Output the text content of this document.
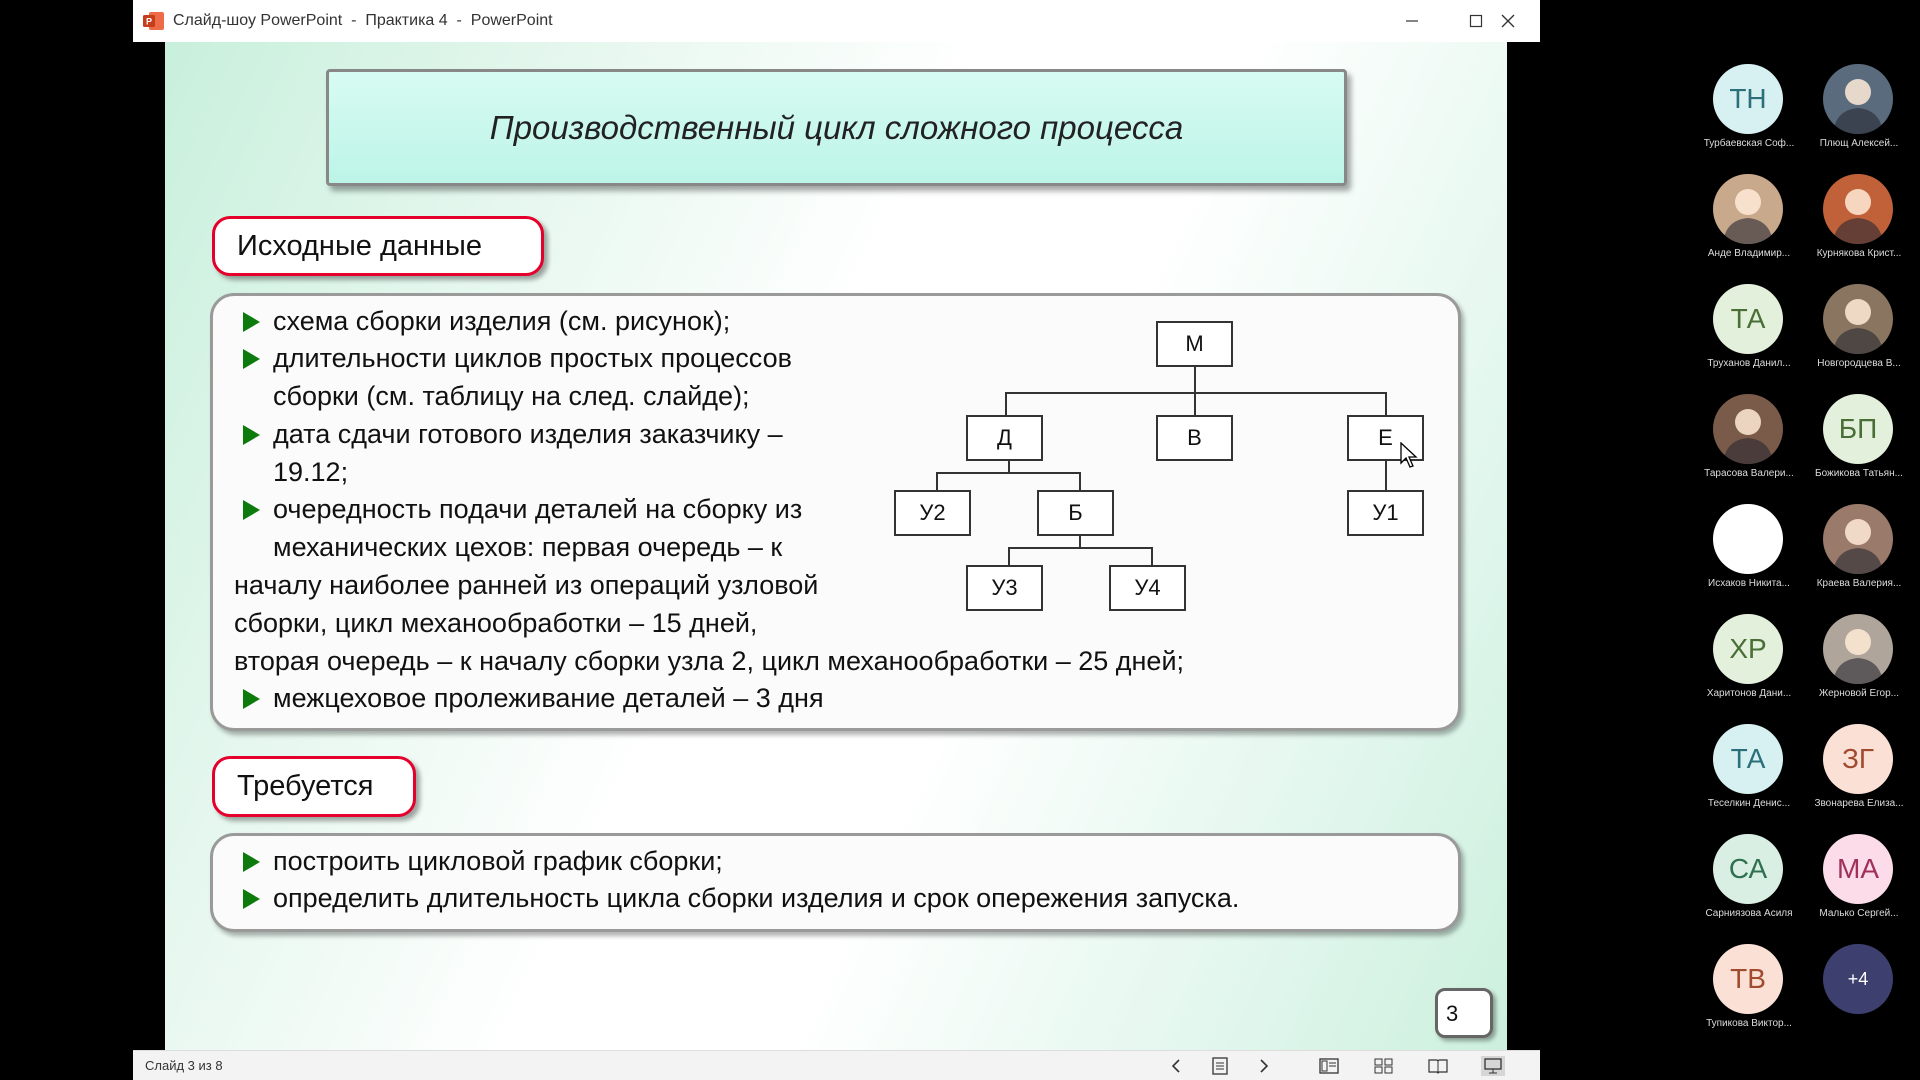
P Слайд-шоу PowerPoint  -  Практика 4  -  PowerPoint
Производственный цикл сложного процесса
Исходные данные
схема сборки изделия (см. рисунок);
длительности циклов простых процессов
сборки (см. таблицу на след. слайде);
дата сдачи готового изделия заказчику –
19.12;
очередность подачи деталей на сборку из
механических цехов: первая очередь – к
началу наиболее ранней из операций узловой
сборки, цикл механообработки – 15 дней,
вторая очередь – к началу сборки узла 2, цикл механообработки – 25 дней;
межцеховое пролеживание деталей – 3 дня
М
Д	В	Е
У2	Б	У1
У3	У4
Требуется
построить цикловой график сборки;
определить длительность цикла сборки изделия и срок опережения запуска.
3
Слайд 3 из 8
ТН
Турбаевская Соф...	Плющ Алексей...
Анде Владимир...	Курнякова Крист...
ТА
Труханов Данил...	Новгородцева В...
Тарасова Валери...
БП
Божикова Татьян...
Исхаков Никита...	Краева Валерия...
ХР
Харитонов Дани...	Жерновой Егор...
ТА
Теселкин Денис...
ЗГ
Звонарева Елиза...
СА
Сарниязова Асиля
МА
Малько Сергей...
ТВ
Тупикова Виктор...
+4
